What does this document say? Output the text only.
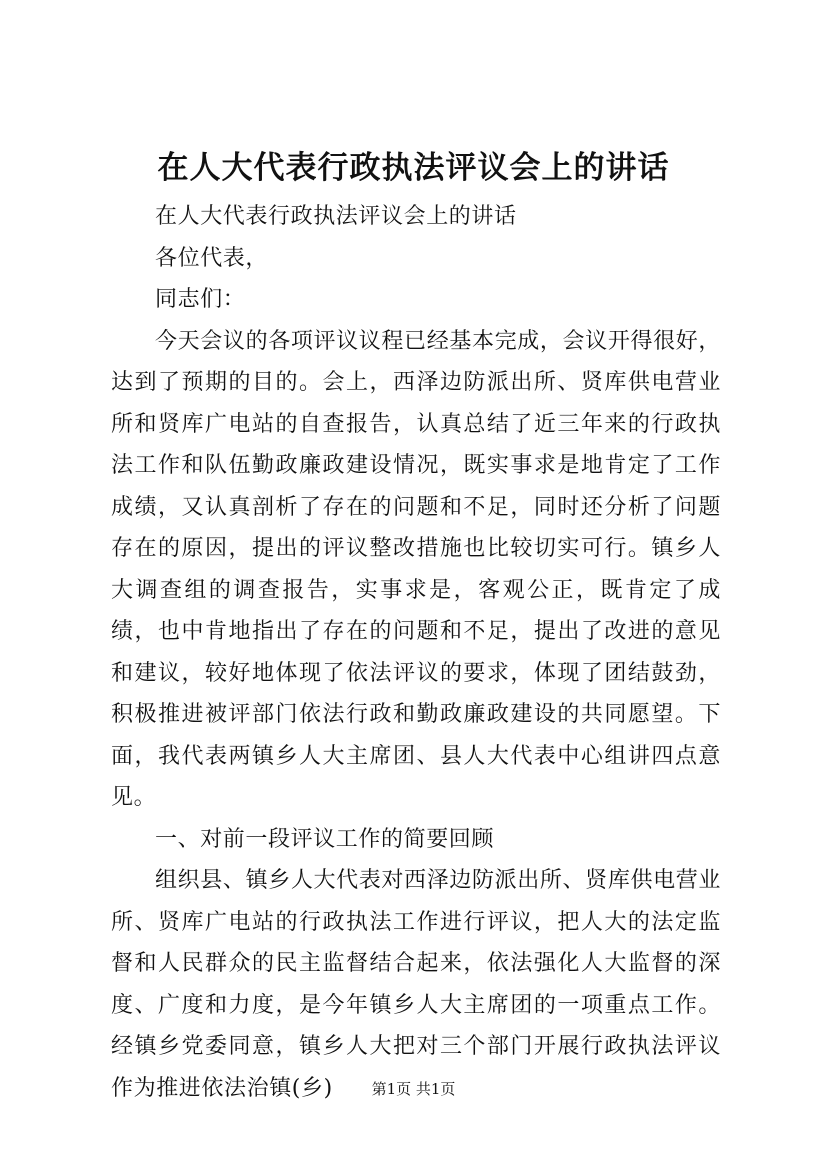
在人大代表行政执法评议会上的讲话

在人大代表行政执法评议会上的讲话

各位代表，

同志们：

今天会议的各项评议议程已经基本完成，会议开得很好，达到了预期的目的。会上，西泽边防派出所、贤库供电营业所和贤库广电站的自查报告，认真总结了近三年来的行政执法工作和队伍勤政廉政建设情况，既实事求是地肯定了工作成绩，又认真剖析了存在的问题和不足，同时还分析了问题存在的原因，提出的评议整改措施也比较切实可行。镇乡人大调查组的调查报告，实事求是，客观公正，既肯定了成绩，也中肯地指出了存在的问题和不足，提出了改进的意见和建议，较好地体现了依法评议的要求，体现了团结鼓劲，积极推进被评部门依法行政和勤政廉政建设的共同愿望。下面，我代表两镇乡人大主席团、县人大代表中心组讲四点意见。

一、对前一段评议工作的简要回顾

组织县、镇乡人大代表对西泽边防派出所、贤库供电营业所、贤库广电站的行政执法工作进行评议，把人大的法定监督和人民群众的民主监督结合起来，依法强化人大监督的深度、广度和力度，是今年镇乡人大主席团的一项重点工作。经镇乡党委同意，镇乡人大把对三个部门开展行政执法评议作为推进依法治镇(乡)	第1页 共1页
